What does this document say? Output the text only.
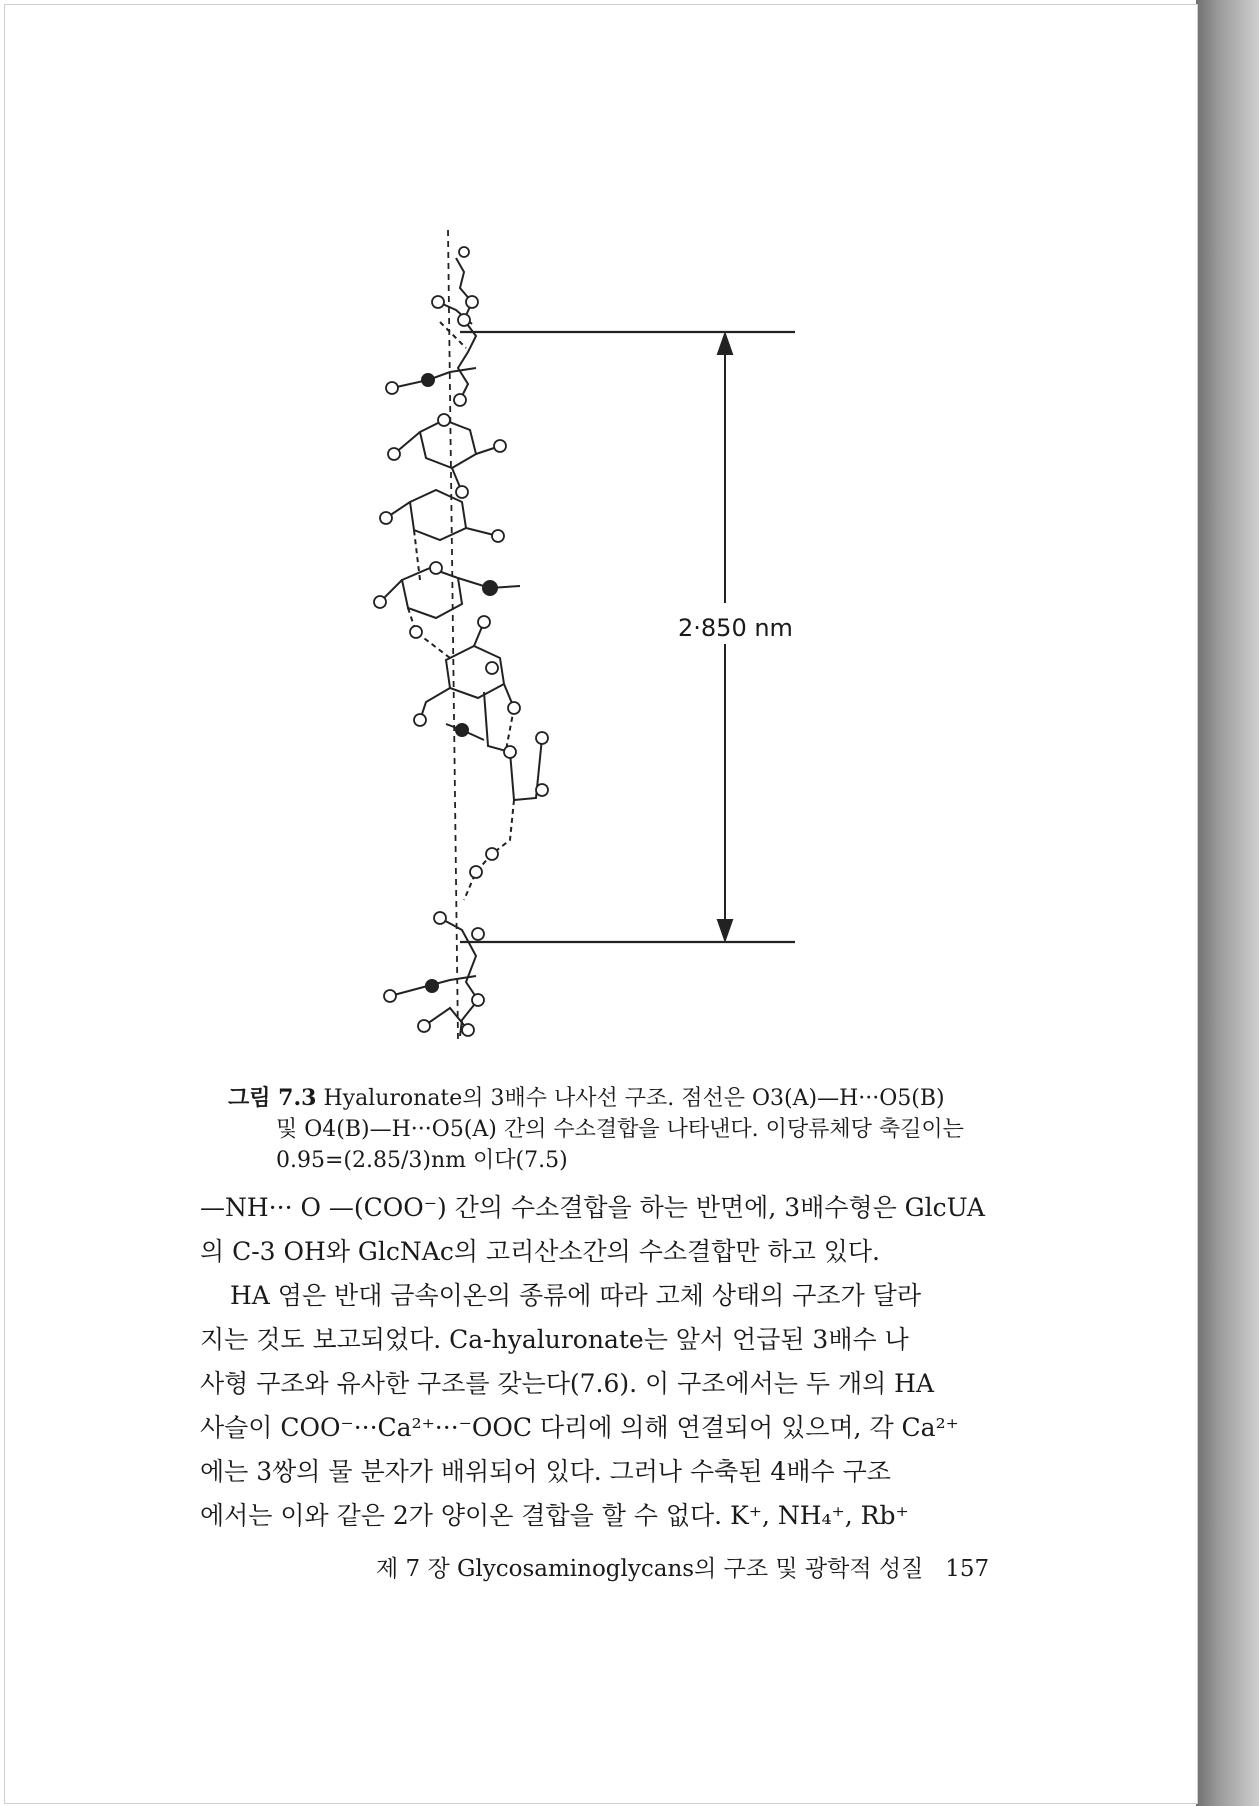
2·850 nm
그림 7.3 Hyaluronate의 3배수 나사선 구조. 점선은 O3(A)—H···O5(B)
및 O4(B)—H···O5(A) 간의 수소결합을 나타낸다. 이당류체당 축길이는
0.95=(2.85/3)nm 이다(7.5)
—NH··· O —(COO⁻) 간의 수소결합을 하는 반면에, 3배수형은 GlcUA
의 C-3 OH와 GlcNAc의 고리산소간의 수소결합만 하고 있다.
HA 염은 반대 금속이온의 종류에 따라 고체 상태의 구조가 달라
지는 것도 보고되었다. Ca-hyaluronate는 앞서 언급된 3배수 나
사형 구조와 유사한 구조를 갖는다(7.6). 이 구조에서는 두 개의 HA
사슬이 COO⁻···Ca²⁺···⁻OOC 다리에 의해 연결되어 있으며, 각 Ca²⁺
에는 3쌍의 물 분자가 배위되어 있다. 그러나 수축된 4배수 구조
에서는 이와 같은 2가 양이온 결합을 할 수 없다. K⁺, NH₄⁺, Rb⁺
제 7 장 Glycosaminoglycans의 구조 및 광학적 성질 157
